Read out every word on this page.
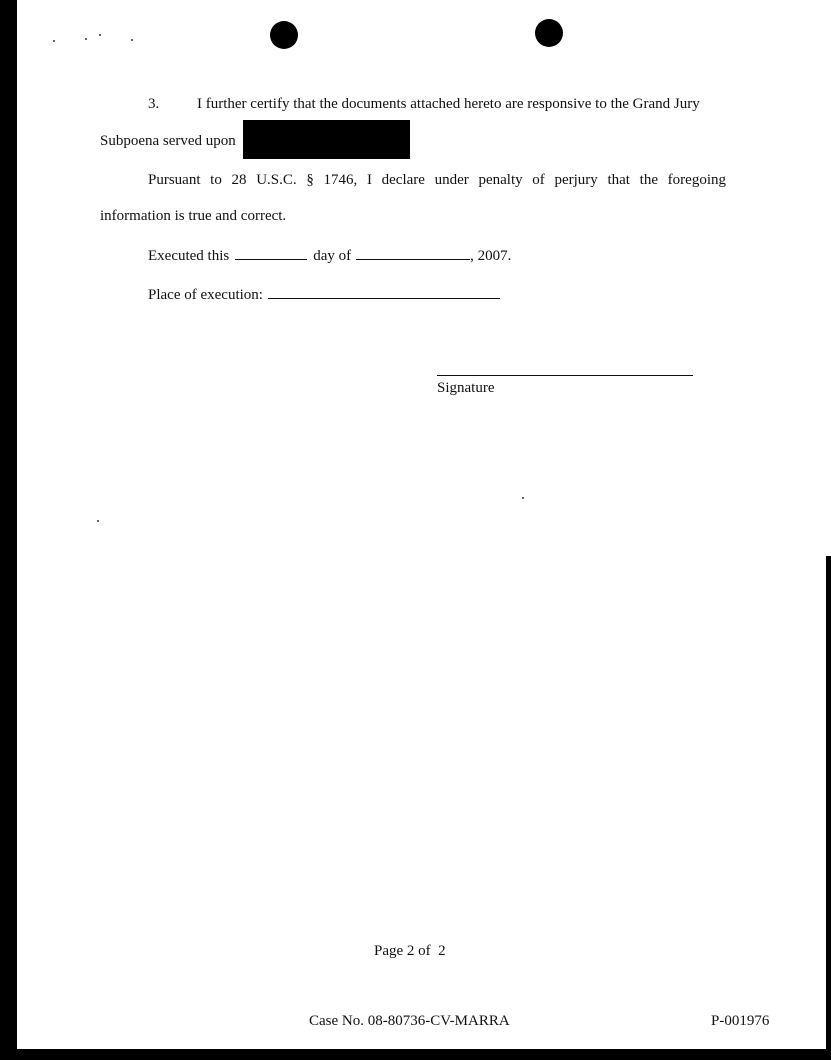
3.	I further certify that the documents attached hereto are responsive to the Grand Jury
Subpoena served upon
Pursuant to 28 U.S.C. § 1746, I declare under penalty of perjury that the foregoing
information is true and correct.
Executed this	day of	, 2007.
Place of execution:
Signature
Page 2 of  2
Case No. 08-80736-CV-MARRA	P-001976
